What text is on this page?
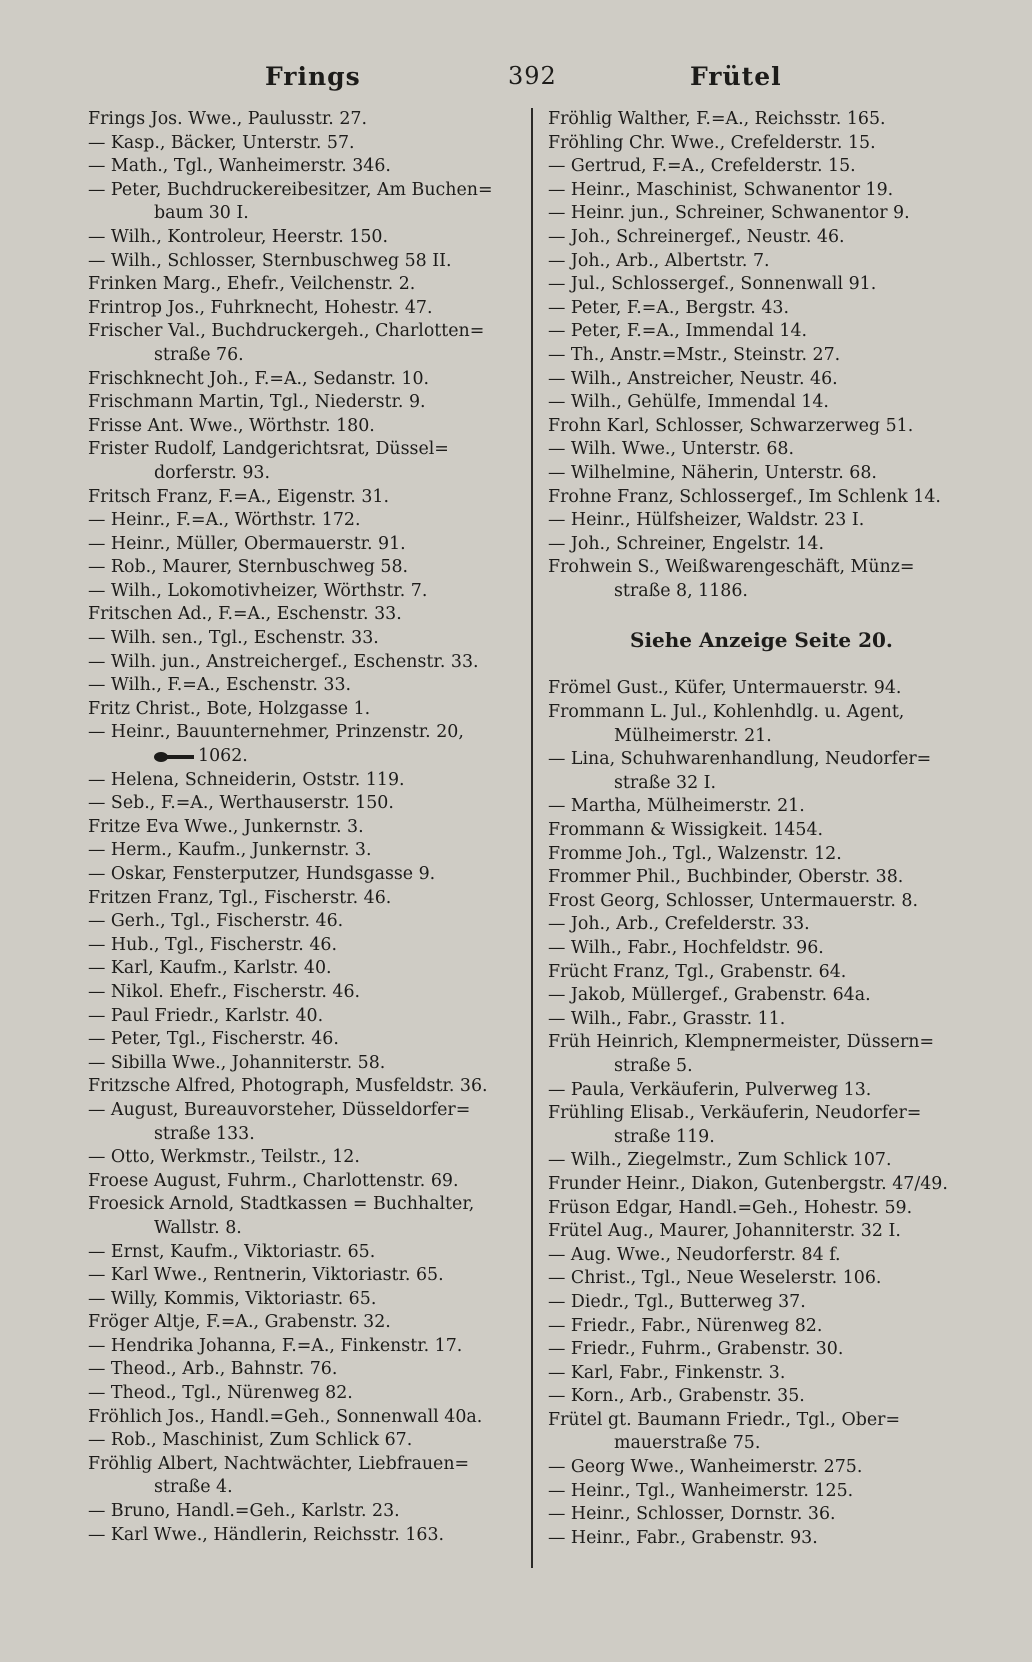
Frings	392	Frütel
Frings Jos. Wwe., Paulusstr. 27.
— Kasp., Bäcker, Unterstr. 57.
— Math., Tgl., Wanheimerstr. 346.
— Peter, Buchdruckereibesitzer, Am Buchen=
baum 30 I.
— Wilh., Kontroleur, Heerstr. 150.
— Wilh., Schlosser, Sternbuschweg 58 II.
Frinken Marg., Ehefr., Veilchenstr. 2.
Frintrop Jos., Fuhrknecht, Hohestr. 47.
Frischer Val., Buchdruckergeh., Charlotten=
straße 76.
Frischknecht Joh., F.=A., Sedanstr. 10.
Frischmann Martin, Tgl., Niederstr. 9.
Frisse Ant. Wwe., Wörthstr. 180.
Frister Rudolf, Landgerichtsrat, Düssel=
dorferstr. 93.
Fritsch Franz, F.=A., Eigenstr. 31.
— Heinr., F.=A., Wörthstr. 172.
— Heinr., Müller, Obermauerstr. 91.
— Rob., Maurer, Sternbuschweg 58.
— Wilh., Lokomotivheizer, Wörthstr. 7.
Fritschen Ad., F.=A., Eschenstr. 33.
— Wilh. sen., Tgl., Eschenstr. 33.
— Wilh. jun., Anstreichergef., Eschenstr. 33.
— Wilh., F.=A., Eschenstr. 33.
Fritz Christ., Bote, Holzgasse 1.
— Heinr., Bauunternehmer, Prinzenstr. 20,
1062.
— Helena, Schneiderin, Oststr. 119.
— Seb., F.=A., Werthauserstr. 150.
Fritze Eva Wwe., Junkernstr. 3.
— Herm., Kaufm., Junkernstr. 3.
— Oskar, Fensterputzer, Hundsgasse 9.
Fritzen Franz, Tgl., Fischerstr. 46.
— Gerh., Tgl., Fischerstr. 46.
— Hub., Tgl., Fischerstr. 46.
— Karl, Kaufm., Karlstr. 40.
— Nikol. Ehefr., Fischerstr. 46.
— Paul Friedr., Karlstr. 40.
— Peter, Tgl., Fischerstr. 46.
— Sibilla Wwe., Johanniterstr. 58.
Fritzsche Alfred, Photograph, Musfeldstr. 36.
— August, Bureauvorsteher, Düsseldorfer=
straße 133.
— Otto, Werkmstr., Teilstr., 12.
Froese August, Fuhrm., Charlottenstr. 69.
Froesick Arnold, Stadtkassen = Buchhalter,
Wallstr. 8.
— Ernst, Kaufm., Viktoriastr. 65.
— Karl Wwe., Rentnerin, Viktoriastr. 65.
— Willy, Kommis, Viktoriastr. 65.
Fröger Altje, F.=A., Grabenstr. 32.
— Hendrika Johanna, F.=A., Finkenstr. 17.
— Theod., Arb., Bahnstr. 76.
— Theod., Tgl., Nürenweg 82.
Fröhlich Jos., Handl.=Geh., Sonnenwall 40a.
— Rob., Maschinist, Zum Schlick 67.
Fröhlig Albert, Nachtwächter, Liebfrauen=
straße 4.
— Bruno, Handl.=Geh., Karlstr. 23.
— Karl Wwe., Händlerin, Reichsstr. 163.
Fröhlig Walther, F.=A., Reichsstr. 165.
Fröhling Chr. Wwe., Crefelderstr. 15.
— Gertrud, F.=A., Crefelderstr. 15.
— Heinr., Maschinist, Schwanentor 19.
— Heinr. jun., Schreiner, Schwanentor 9.
— Joh., Schreinergef., Neustr. 46.
— Joh., Arb., Albertstr. 7.
— Jul., Schlossergef., Sonnenwall 91.
— Peter, F.=A., Bergstr. 43.
— Peter, F.=A., Immendal 14.
— Th., Anstr.=Mstr., Steinstr. 27.
— Wilh., Anstreicher, Neustr. 46.
— Wilh., Gehülfe, Immendal 14.
Frohn Karl, Schlosser, Schwarzerweg 51.
— Wilh. Wwe., Unterstr. 68.
— Wilhelmine, Näherin, Unterstr. 68.
Frohne Franz, Schlossergef., Im Schlenk 14.
— Heinr., Hülfsheizer, Waldstr. 23 I.
— Joh., Schreiner, Engelstr. 14.
Frohwein S., Weißwarengeschäft, Münz=
straße 8, 1186.
Siehe Anzeige Seite 20.
Frömel Gust., Küfer, Untermauerstr. 94.
Frommann L. Jul., Kohlenhdlg. u. Agent,
Mülheimerstr. 21.
— Lina, Schuhwarenhandlung, Neudorfer=
straße 32 I.
— Martha, Mülheimerstr. 21.
Frommann & Wissigkeit. 1454.
Fromme Joh., Tgl., Walzenstr. 12.
Frommer Phil., Buchbinder, Oberstr. 38.
Frost Georg, Schlosser, Untermauerstr. 8.
— Joh., Arb., Crefelderstr. 33.
— Wilh., Fabr., Hochfeldstr. 96.
Frücht Franz, Tgl., Grabenstr. 64.
— Jakob, Müllergef., Grabenstr. 64a.
— Wilh., Fabr., Grasstr. 11.
Früh Heinrich, Klempnermeister, Düssern=
straße 5.
— Paula, Verkäuferin, Pulverweg 13.
Frühling Elisab., Verkäuferin, Neudorfer=
straße 119.
— Wilh., Ziegelmstr., Zum Schlick 107.
Frunder Heinr., Diakon, Gutenbergstr. 47/49.
Früson Edgar, Handl.=Geh., Hohestr. 59.
Frütel Aug., Maurer, Johanniterstr. 32 I.
— Aug. Wwe., Neudorferstr. 84 f.
— Christ., Tgl., Neue Weselerstr. 106.
— Diedr., Tgl., Butterweg 37.
— Friedr., Fabr., Nürenweg 82.
— Friedr., Fuhrm., Grabenstr. 30.
— Karl, Fabr., Finkenstr. 3.
— Korn., Arb., Grabenstr. 35.
Frütel gt. Baumann Friedr., Tgl., Ober=
mauerstraße 75.
— Georg Wwe., Wanheimerstr. 275.
— Heinr., Tgl., Wanheimerstr. 125.
— Heinr., Schlosser, Dornstr. 36.
— Heinr., Fabr., Grabenstr. 93.
